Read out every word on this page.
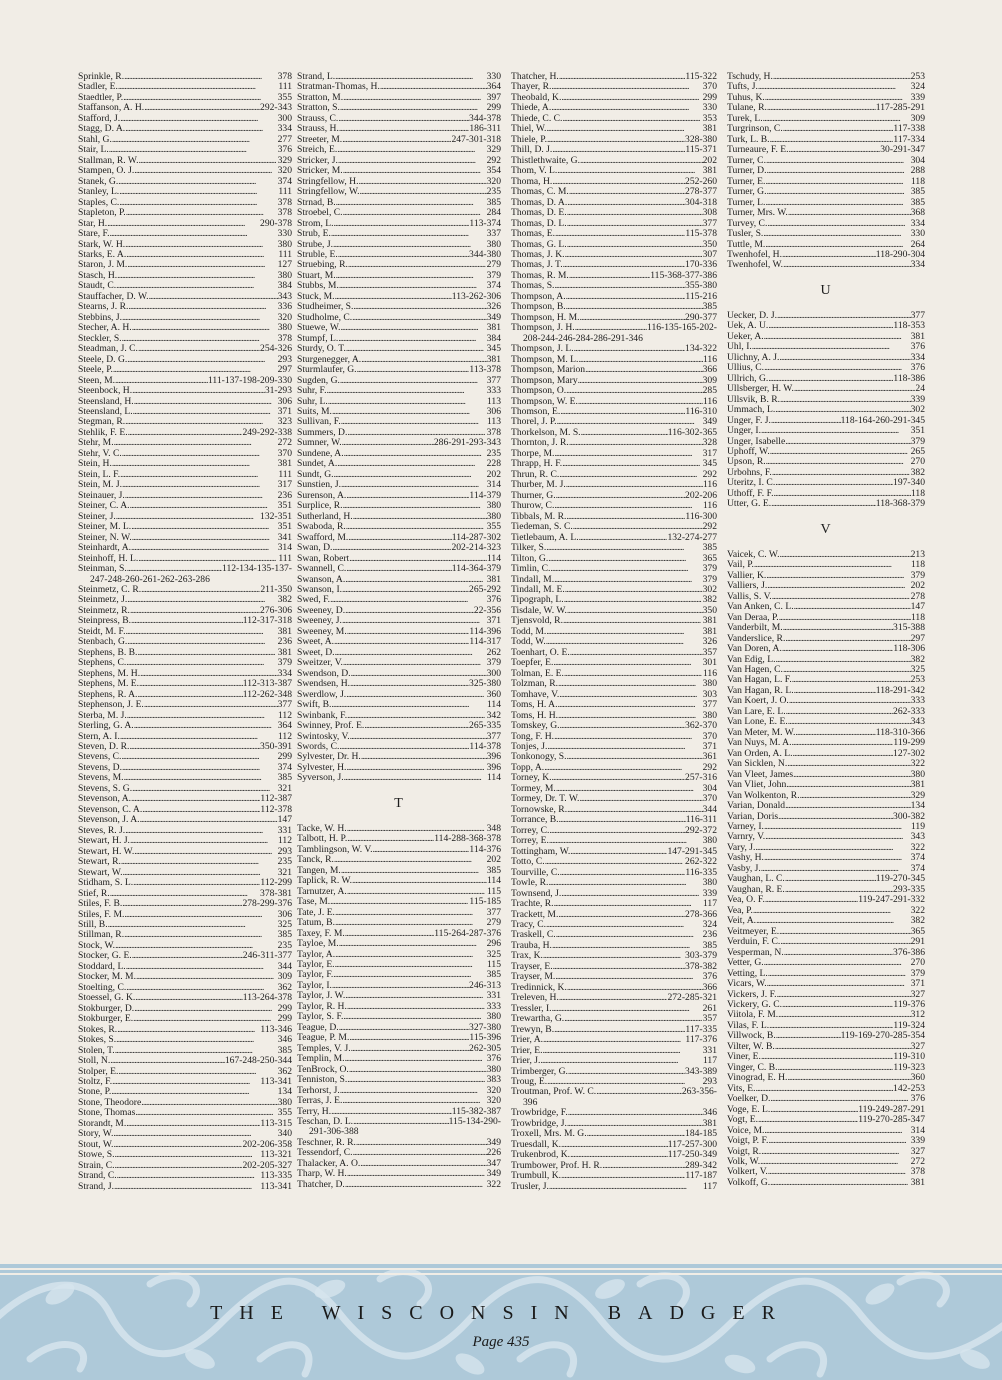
Sprinkle, R. . . .	378
Stadler, E. . . .	111
Staedtler, P. . . .	355
Staffanson, A. H. . . .	292-343
Stafford, J. . . .	300
Stagg, D. A. . . .	334
Stahl, G. . . .	277
Stair, L. . . .	376
Stallman, R. W. . . .	329
Stampen, O. J. . . .	320
Stanek, G. . . .	374
Stanley, L. . . .	111
Staples, C. . . .	378
Stapleton, P. . . .	378
Star, H. . . .	290-378
Stare, F. . . .	330
Stark, W. H. . . .	380
Starks, E. A. . . .	111
Staron, J. M. . . .	127
Stasch, H. . . .	380
Staudt, C. . . .	384
Stauffacher, D. W. . . .	343
Stearns, J. R. . . .	336
Stebbins, J. . . .	320
Stecher, A. H. . . .	380
Steckler, S. . . .	378
Steadman, J. C. . . .	254-326
Steele, D. G. . . .	293
Steele, P. . . .	297
Steen, M. . . .	111-137-198-209-330
Steenbock, H. . . .	31-293
Steensland, H. . . .	306
Steensland, L. . . .	371
Stegman, R. . . .	323
Stehlik, F. E. . . .	249-292-338
Stehr, M. . . .	272
Stehr, V. C. . . .	370
Stein, H. . . .	381
Stein, L. F. . . .	111
Stein, M. J. . . .	317
Steinauer, J. . . .	236
Steiner, C. A. . . .	351
Steiner, J. . . .	132-351
Steiner, M. L. . . .	351
Steiner, N. W. . . .	341
Steinhardt, A. . . .	314
Steinhoff, H. L. . . .	111
Steinman, S. . . .	112-134-135-137-
247-248-260-261-262-263-286
Steinmetz, C. R. . . .	211-350
Steinmetz, J. . . .	382
Steinmetz, R. . . .	276-306
Steinpress, B. . . .	112-317-318
Steidt, M. F. . . .	381
Stenbach, G. . . .	236
Stephens, B. B. . . .	381
Stephens, C. . . .	379
Stephens, M. H. . . .	334
Stephens, M. E. . . .	112-313-387
Stephens, R. A. . . .	112-262-348
Stephenson, J. E. . . .	377
Sterba, M. J. . . .	112
Sterling, G. A. . . .	364
Stern, A. I. . . .	112
Steven, D. R. . . .	350-391
Stevens, C. . . .	299
Stevens, D. . . .	374
Stevens, M. . . .	385
Stevens, S. G. . . .	321
Stevenson, A. . . .	112-387
Stevenson, C. A. . . .	112-378
Stevenson, J. A. . . .	147
Steves, R. J. . . .	331
Stewart, H. J. . . .	112
Stewart, H. W. . . .	293
Stewart, R. . . .	235
Stewart, W. . . .	321
Stidham, S. L. . . .	112-299
Stief, R. . . .	378-381
Stiles, F. B. . . .	278-299-376
Stiles, F. M. . . .	306
Still, B. . . .	325
Stillman, R. . . .	385
Stock, W. . . .	235
Stocker, G. E. . . .	246-311-377
Stoddard, L. . . .	344
Stocker, M. M. . . .	309
Stoelting, C. . . .	362
Stoessel, G. K. . . .	113-264-378
Stokburger, D. . . .	299
Stokburger, E. . . .	299
Stokes, R. . . .	113-346
Stokes, S. . . .	346
Stolen, T. . . .	385
Stoll, N. . . .	167-248-250-344
Stolper, E. . . .	362
Stoltz, F. . . .	113-341
Stone, P. . . .	134
Stone, Theodore . . .	380
Stone, Thomas . . .	355
Storandt, M. . . .	113-315
Story, W. . . .	340
Stout, W. . . .	202-206-358
Stowe, S. . . .	113-321
Strain, C. . . .	202-205-327
Strand, C. . . .	113-335
Strand, J. . . .	113-341
Strand, L. . . .	330
Stratman-Thomas, H. . . .	364
Stratton, M. . . .	397
Stratton, S. . . .	299
Strauss, C. . . .	344-378
Strauss, H. . . .	186-311
Streeter, M. . . .	247-301-318
Streich, E. . . .	329
Stricker, J. . . .	292
Stricker, M. . . .	354
Stringfellow, H. . . .	320
Stringfellow, W. . . .	235
Strnad, B. . . .	385
Stroebel, C. . . .	284
Strom, L. . . .	113-374
Strub, E. . . .	337
Strube, J. . . .	380
Struble, E. . . .	344-380
Struebing, R. . . .	279
Stuart, M. . . .	379
Stubbs, M. . . .	374
Stuck, M. . . .	113-262-306
Studheimer, S. . . .	326
Studholme, C. . . .	349
Stuewe, W. . . .	381
Stumpf, L. . . .	384
Sturdy, O. T. . . .	345
Sturgenegger, A. . . .	381
Sturmlaufer, G. . . .	113-378
Sugden, G. . . .	377
Suhr, F. . . .	333
Suhr, L. . . .	113
Suits, M. . . .	306
Sullivan, F. . . .	113
Summers, D. . . .	378
Sumner, W. . . .	286-291-293-343
Sundene, A. . . .	235
Sundet, A. . . .	228
Sundt, G. . . .	202
Sunstien, J. . . .	314
Surenson, A. . . .	114-379
Surplice, R. . . .	380
Sutherland, H. . . .	380
Swaboda, R. . . .	355
Swafford, M. . . .	114-287-302
Swan, D. . . .	202-214-323
Swan, Robert . . .	114
Swannell, C. . . .	114-364-379
Swanson, A. . . .	381
Swanson, I. . . .	265-292
Swed, F. . . .	376
Sweeney, D. . . .	22-356
Sweeney, J. . . .	371
Sweeney, M. . . .	114-396
Sweet, A. . . .	114-317
Sweet, D. . . .	262
Sweitzer, V. . . .	379
Swendson, D. . . .	300
Swendsen, H. . . .	325-380
Swerdlow, J. . . .	360
Swift, B. . . .	114
Swinbank, F. . . .	342
Swinney, Prof. E. . . .	265-335
Swintosky, V. . . .	377
Swords, C. . . .	114-378
Sylvester, Dr. H. . . .	396
Sylvester, H. . . .	396
Syverson, J. . . .	114
T
Tacke, W. H. . . .	348
Talbott, H. P. . . .	114-288-368-378
Tamblingson, W. V. . . .	114-376
Tanck, R. . . .	202
Tangen, M. . . .	385
Taplick, R. W. . . .	114
Tarnutzer, A. . . .	115
Tase, M. . . .	115-185
Tate, J. E. . . .	377
Tatum, B. . . .	279
Taxey, F. M. . . .	115-264-287-376
Tayloe, M. . . .	296
Taylor, A. . . .	325
Taylor, E. . . .	115
Taylor, F. . . .	385
Taylor, I. . . .	246-313
Taylor, J. W. . . .	331
Taylor, R. H. . . .	333
Taylor, S. F. . . .	380
Teague, D. . . .	327-380
Teague, P. M. . . .	115-396
Temples, V. J. . . .	262-305
Templin, M. . . .	376
TenBrock, O. . . .	380
Tenniston, S. . . .	383
Terhorst, J. . . .	320
Terras, J. E. . . .	320
Terry, H. . . .	115-382-387
Teschan, D. L. . . .	115-134-290-
291-306-388
Teschner, R. R. . . .	349
Tessendorf, C. . . .	226
Thalacker, A. O. . . .	347
Tharp, W. H. . . .	349
Thatcher, D. . . .	322
Thatcher, H. . . .	115-322
Thayer, R. . . .	370
Theobald, K. . . .	299
Thiede, A. . . .	330
Thiede, C. C. . . .	353
Thiel, W. . . .	381
Thiele, P. . . .	328-380
Thill, D. J. . . .	115-371
Thistlethwaite, G. . . .	202
Thom, V. L. . . .	381
Thoma, H. . . .	252-260
Thomas, C. M. . . .	278-377
Thomas, D. A. . . .	304-318
Thomas, D. E. . . .	308
Thomas, D. L. . . .	377
Thomas, E. . . .	115-378
Thomas, G. L. . . .	350
Thomas, J. K. . . .	307
Thomas, J. T. . . .	170-336
Thomas, R. M. . . .	115-368-377-386
Thomas, S. . . .	355-380
Thompson, A. . . .	115-216
Thompson, B. . . .	385
Thompson, H. M. . . .	290-377
Thompson, J. H. . . .	116-135-165-202-
208-244-246-284-286-291-346
Thompson, J. L. . . .	134-322
Thompson, M. L. . . .	116
Thompson, Marion . . .	366
Thompson, Mary . . .	309
Thompson, O. . . .	285
Thompson, W. E. . . .	116
Thomson, E. . . .	116-310
Thorel, J. P. . . .	349
Thorkelson, M. S. . . .	116-302-365
Thornton, J. R. . . .	328
Thorpe, M. . . .	317
Thrapp, H. F. . . .	345
Thrun, R. C. . . .	292
Thurber, M. J. . . .	116
Thurner, G. . . .	202-206
Thurow, C. . . .	116
Tibbals, M. R. . . .	116-300
Tiedeman, S. C. . . .	292
Tietlebaum, A. L. . . .	132-274-277
Tilker, S. . . .	385
Tilton, G. . . .	365
Timlin, C. . . .	379
Tindall, M. . . .	379
Tindall, M. E. . . .	302
Tipograph, L. . . .	382
Tisdale, W. W. . . .	350
Tjensvold, R. . . .	381
Todd, M. . . .	381
Todd, W. . . .	326
Toenhart, O. E. . . .	357
Toepfer, E. . . .	301
Tolman, E. E. . . .	116
Tolzman, R. . . .	380
Tomhave, V. . . .	303
Toms, H. A. . . .	377
Toms, H. H. . . .	380
Tomskey, G. . . .	362-370
Tong, F. H. . . .	370
Tonjes, J. . . .	371
Tonkonogy, S. . . .	361
Topp, A. . . .	292
Torney, K. . . .	257-316
Tormey, M. . . .	304
Tormey, Dr. T. W. . . .	370
Tornowske, R. . . .	344
Torrance, B. . . .	116-311
Torrey, C. . . .	292-372
Torrey, E. . . .	380
Tottingham, W. . . .	147-291-345
Totto, C. . . .	262-322
Tourville, C. . . .	116-335
Towle, R. . . .	380
Townsend, J. . . .	339
Trachte, R. . . .	117
Trackett, M. . . .	278-366
Tracy, C. . . .	324
Traskell, C. . . .	236
Trauba, H. . . .	385
Trax, K. . . .	303-379
Trayser, E. . . .	378-382
Trayser, M. . . .	376
Tredinnick, K. . . .	366
Treleven, H. . . .	272-285-321
Tressler, I. . . .	261
Trewartha, G. . . .	357
Trewyn, B. . . .	117-335
Trier, A. . . .	117-376
Trier, E. . . .	331
Trier, J. . . .	117
Trimberger, G. . . .	343-389
Troug, E. . . .	293
Troutman, Prof. W. C. . . .	263-356-
396
Trowbridge, F. . . .	346
Trowbridge, J. . . .	381
Troxell, Mrs. M. G. . . .	184-185
Truesdall, K. . . .	117-257-300
Trukenbrod, K. . . .	117-250-349
Trumbower, Prof. H. R. . . .	289-342
Trumbull, K. . . .	117-187
Trusler, J. . . .	117
Tschudy, H. . . .	253
Tufts, J. . . .	324
Tuhus, K. . . .	339
Tulane, R. . . .	117-285-291
Turek, L. . . .	309
Turgrinson, C. . . .	117-338
Turk, L. B. . . .	117-334
Turneaure, F. E. . . .	30-291-347
Turner, C. . . .	304
Turner, D. . . .	288
Turner, E. . . .	118
Turner, G. . . .	385
Turner, L. . . .	385
Turner, Mrs. W. . . .	368
Turvey, C. . . .	334
Tusler, S. . . .	330
Tuttle, M. . . .	264
Twenhofel, H. . . .	118-290-304
Twenhofel, W. . . .	334
U
Uecker, D. J. . . .	377
Uek, A. U. . . .	118-353
Ueker, A. . . .	381
Uhl, I. . . .	376
Ulichny, A. J. . . .	334
Ullius, C. . . .	376
Ullrich, G. . . .	118-386
Ullsberger, H. W. . . .	24
Ullsvik, B. R. . . .	339
Ummach, L. . . .	302
Unger, F. J. . . .	118-164-260-291-345
Unger, I. . . .	351
Unger, Isabelle . . .	379
Uphoff, W. . . .	265
Upson, R. . . .	270
Urbohns, F. . . .	382
Uteritz, I. C. . . .	197-340
Uthoff, F. F. . . .	118
Utter, G. E. . . .	118-368-379
V
Vaicek, C. W. . . .	213
Vail, P. . . .	118
Vallier, K. . . .	379
Valliers, J. . . .	202
Vallis, S. V. . . .	278
Van Anken, C. L. . . .	147
Van Deraa, P. . . .	118
Vanderbilt, M. . . .	315-388
Vanderslice, R. . . .	297
Van Doren, A. . . .	118-306
Van Edig, L. . . .	382
Van Hagen, C. . . .	325
Van Hagan, L. F. . . .	253
Van Hagan, R. L. . . .	118-291-342
Van Koert, J. O. . . .	333
Van Lare, E. L. . . .	262-333
Van Lone, E. E. . . .	343
Van Meter, M. W. . . .	118-310-366
Van Nuys, M. A. . . .	119-299
Van Orden, A. L. . . .	127-302
Van Sicklen, N. . . .	322
Van Vleet, James . . .	380
Van Vliet, John . . .	381
Van Wolkenton, R. . . .	329
Varian, Donald . . .	134
Varian, Doris . . .	300-382
Varney, I. . . .	119
Varnry, V. . . .	343
Vary, J. . . .	322
Vashy, H. . . .	374
Vasby, J. . . .	374
Vaughan, L. C. . . .	119-270-345
Vaughan, R. E. . . .	293-335
Vea, O. F. . . .	119-247-291-332
Vea, P. . . .	322
Veit, A. . . .	382
Veitmeyer, E. . . .	365
Verduin, F. C. . . .	291
Vesperman, N. . . .	376-386
Vetter, G. . . .	270
Vetting, L. . . .	379
Vicars, W. . . .	371
Vickers, J. F. . . .	327
Vickery, G. C. . . .	119-376
Viitola, F. M. . . .	312
Vilas, F. L. . . .	119-324
Villwock, B. . . .	119-169-270-285-354
Vilter, W. B. . . .	327
Viner, E. . . .	119-310
Vinger, C. B. . . .	119-323
Vinograd, E. H. . . .	360
Vits, E. . . .	142-253
Voelker, D. . . .	376
Voge, E. L. . . .	119-249-287-291
Vogt, E. . . .	119-270-285-347
Voice, M. . . .	314
Voigt, P. F. . . .	339
Voigt, R. . . .	327
Volk, W. . . .	272
Volkert, V. . . .	378
Volkoff, G. . . .	381
THE WISCONSIN BADGER
Page 435
